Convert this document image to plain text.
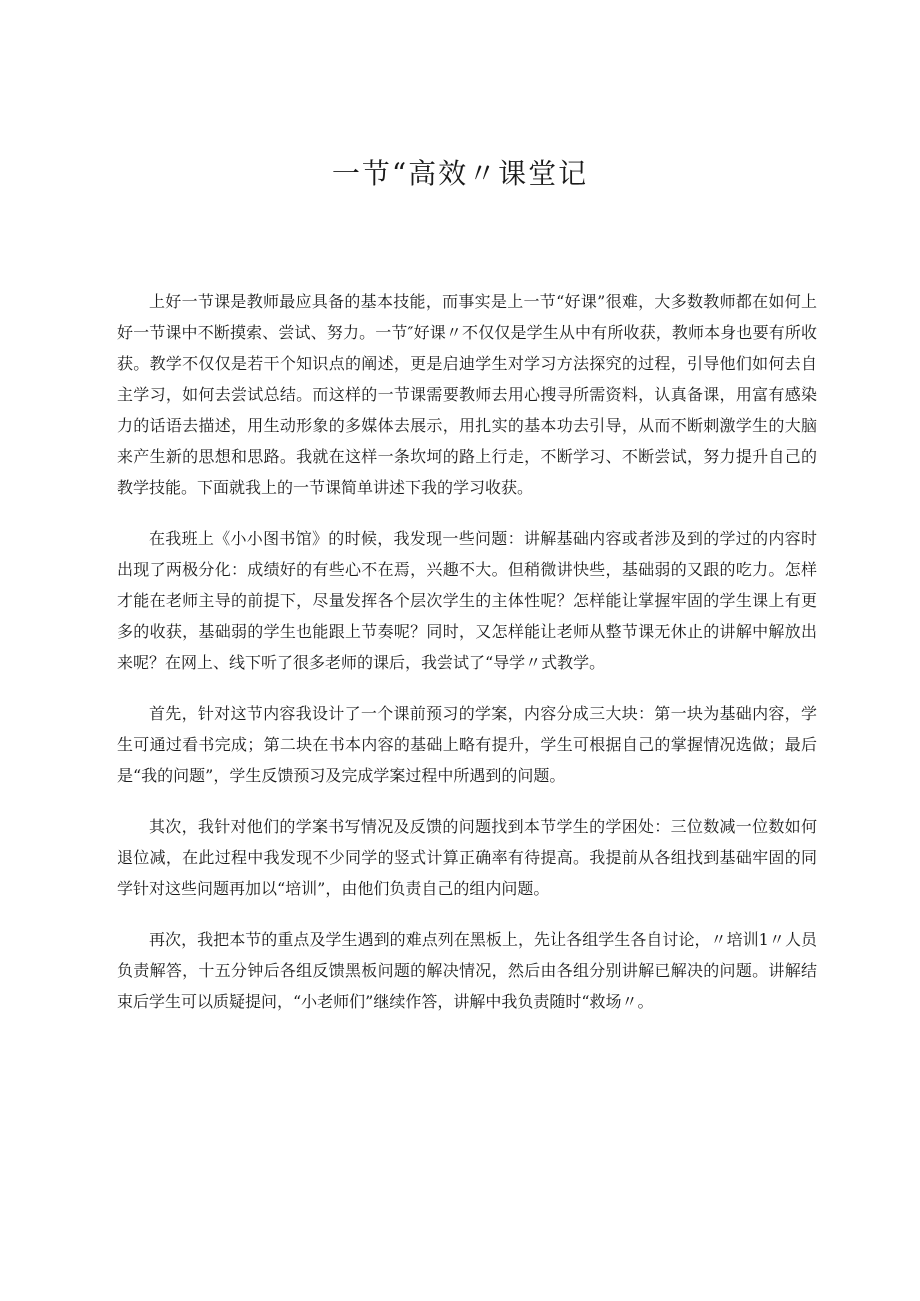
一节“高效〃课堂记

上好一节课是教师最应具备的基本技能，而事实是上一节“好课”很难，大多数教师都在如何上好一节课中不断摸索、尝试、努力。一节″好课〃不仅仅是学生从中有所收获，教师本身也要有所收获。教学不仅仅是若干个知识点的阐述，更是启迪学生对学习方法探究的过程，引导他们如何去自主学习，如何去尝试总结。而这样的一节课需要教师去用心搜寻所需资料，认真备课，用富有感染力的话语去描述，用生动形象的多媒体去展示，用扎实的基本功去引导，从而不断刺激学生的大脑来产生新的思想和思路。我就在这样一条坎坷的路上行走，不断学习、不断尝试，努力提升自己的教学技能。下面就我上的一节课简单讲述下我的学习收获。

在我班上《小小图书馆》的时候，我发现一些问题：讲解基础内容或者涉及到的学过的内容时出现了两极分化：成绩好的有些心不在焉，兴趣不大。但稍微讲快些，基础弱的又跟的吃力。怎样才能在老师主导的前提下，尽量发挥各个层次学生的主体性呢？怎样能让掌握牢固的学生课上有更多的收获，基础弱的学生也能跟上节奏呢？同时，又怎样能让老师从整节课无休止的讲解中解放出来呢？在网上、线下听了很多老师的课后，我尝试了“导学〃式教学。

首先，针对这节内容我设计了一个课前预习的学案，内容分成三大块：第一块为基础内容，学生可通过看书完成；第二块在书本内容的基础上略有提升，学生可根据自己的掌握情况选做；最后是“我的问题”，学生反馈预习及完成学案过程中所遇到的问题。

其次，我针对他们的学案书写情况及反馈的问题找到本节学生的学困处：三位数减一位数如何退位减，在此过程中我发现不少同学的竖式计算正确率有待提高。我提前从各组找到基础牢固的同学针对这些问题再加以“培训”，由他们负责自己的组内问题。

再次，我把本节的重点及学生遇到的难点列在黑板上，先让各组学生各自讨论，〃培训1〃人员负责解答，十五分钟后各组反馈黑板问题的解决情况，然后由各组分别讲解已解决的问题。讲解结束后学生可以质疑提问，“小老师们”继续作答，讲解中我负责随时“救场〃。
